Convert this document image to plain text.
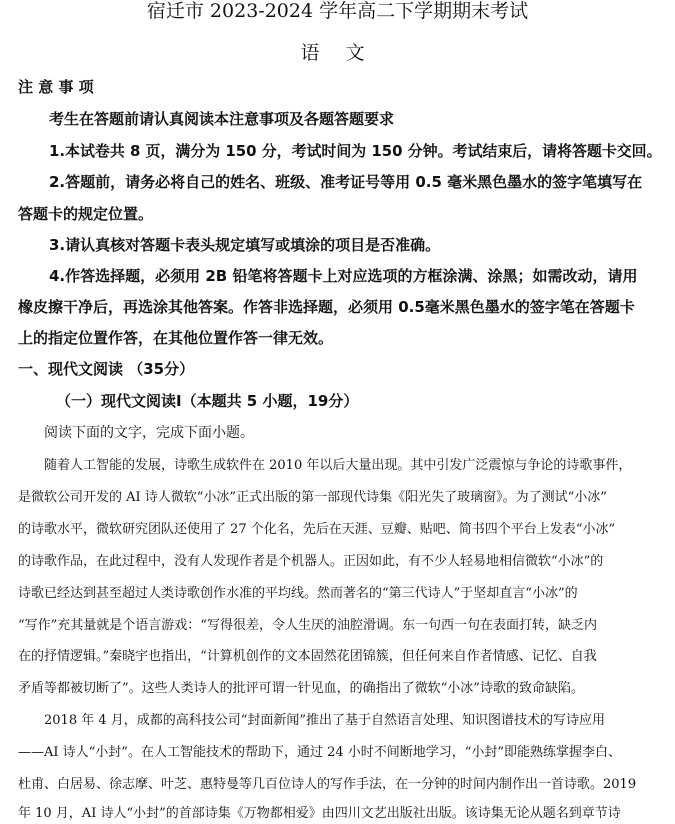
宿迁市 2023-2024 学年高二下学期期末考试
语 文
注 意 事 项
考生在答题前请认真阅读本注意事项及各题答题要求
1.本试卷共 8 页，满分为 150 分，考试时间为 150 分钟。考试结束后，请将答题卡交回。
2.答题前，请务必将自己的姓名、班级、准考证号等用 0.5 毫米黑色墨水的签字笔填写在
答题卡的规定位置。
3.请认真核对答题卡表头规定填写或填涂的项目是否准确。
4.作答选择题，必须用 2B 铅笔将答题卡上对应选项的方框涂满、涂黑；如需改动，请用
橡皮擦干净后，再选涂其他答案。作答非选择题，必须用 0.5毫米黑色墨水的签字笔在答题卡
上的指定位置作答，在其他位置作答一律无效。
一、现代文阅读 （35分）
（一）现代文阅读Ⅰ（本题共 5 小题，19分）
阅读下面的文字，完成下面小题。
随着人工智能的发展，诗歌生成软件在 2010 年以后大量出现。其中引发广泛震惊与争论的诗歌事件，
是微软公司开发的 AI 诗人微软“小冰”正式出版的第一部现代诗集《阳光失了玻璃窗》。为了测试“小冰”
的诗歌水平，微软研究团队还使用了 27 个化名，先后在天涯、豆瓣、贴吧、简书四个平台上发表“小冰”
的诗歌作品，在此过程中，没有人发现作者是个机器人。正因如此，有不少人轻易地相信微软“小冰”的
诗歌已经达到甚至超过人类诗歌创作水准的平均线。然而著名的“第三代诗人”于坚却直言“小冰”的
“写作”充其量就是个语言游戏：“写得很差，令人生厌的油腔滑调。东一句西一句在表面打转，缺乏内
在的抒情逻辑。”秦晓宇也指出，“计算机创作的文本固然花团锦簇，但任何来自作者情感、记忆、自我
矛盾等都被切断了”。这些人类诗人的批评可谓一针见血，的确指出了微软“小冰”诗歌的致命缺陷。
2018 年 4 月，成都的高科技公司“封面新闻”推出了基于自然语言处理、知识图谱技术的写诗应用
——AI 诗人“小封”。在人工智能技术的帮助下，通过 24 小时不间断地学习，“小封”即能熟练掌握李白、
杜甫、白居易、徐志摩、叶芝、惠特曼等几百位诗人的写作手法，在一分钟的时间内制作出一首诗歌。2019
年 10 月，AI 诗人“小封”的首部诗集《万物都相爱》由四川文艺出版社出版。该诗集无论从题名到章节诗
